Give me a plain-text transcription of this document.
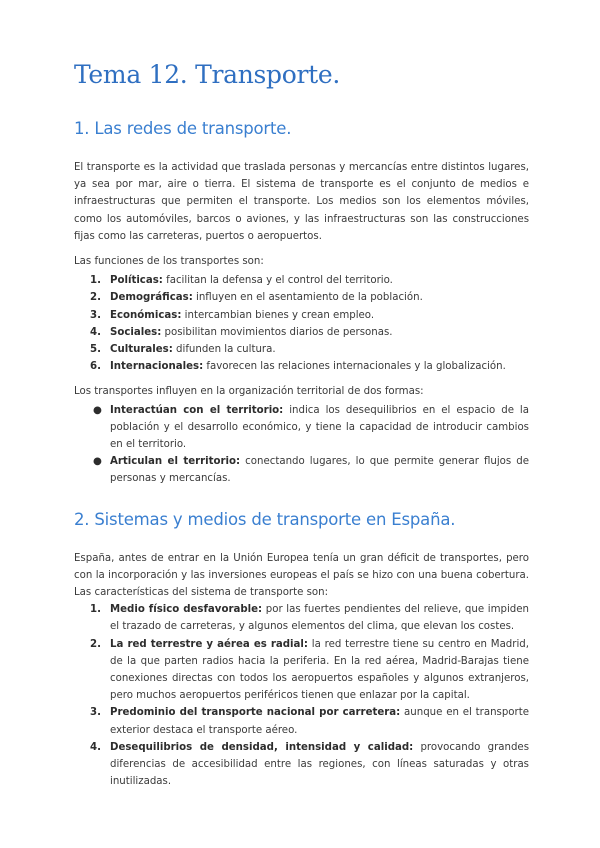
Tema 12. Transporte.
1. Las redes de transporte.

El transporte es la actividad que traslada personas y mercancías entre distintos lugares, ya sea por mar, aire o tierra. El sistema de transporte es el conjunto de medios e infraestructuras que permiten el transporte. Los medios son los elementos móviles, como los automóviles, barcos o aviones, y las infraestructuras son las construcciones fijas como las carreteras, puertos o aeropuertos.

Las funciones de los transportes son:

1. Políticas: facilitan la defensa y el control del territorio.
2. Demográficas: influyen en el asentamiento de la población.
3. Económicas: intercambian bienes y crean empleo.
4. Sociales: posibilitan movimientos diarios de personas.
5. Culturales: difunden la cultura.
6. Internacionales: favorecen las relaciones internacionales y la globalización.

Los transportes influyen en la organización territorial de dos formas:

● Interactúan con el territorio: indica los desequilibrios en el espacio de la población y el desarrollo económico, y tiene la capacidad de introducir cambios en el territorio.
● Articulan el territorio: conectando lugares, lo que permite generar flujos de personas y mercancías.
2. Sistemas y medios de transporte en España.

España, antes de entrar en la Unión Europea tenía un gran déficit de transportes, pero con la incorporación y las inversiones europeas el país se hizo con una buena cobertura. Las características del sistema de transporte son:

1. Medio físico desfavorable: por las fuertes pendientes del relieve, que impiden el trazado de carreteras, y algunos elementos del clima, que elevan los costes.
2. La red terrestre y aérea es radial: la red terrestre tiene su centro en Madrid, de la que parten radios hacia la periferia. En la red aérea, Madrid-Barajas tiene conexiones directas con todos los aeropuertos españoles y algunos extranjeros, pero muchos aeropuertos periféricos tienen que enlazar por la capital.
3. Predominio del transporte nacional por carretera: aunque en el transporte exterior destaca el transporte aéreo.
4. Desequilibrios de densidad, intensidad y calidad: provocando grandes diferencias de accesibilidad entre las regiones, con líneas saturadas y otras inutilizadas.
